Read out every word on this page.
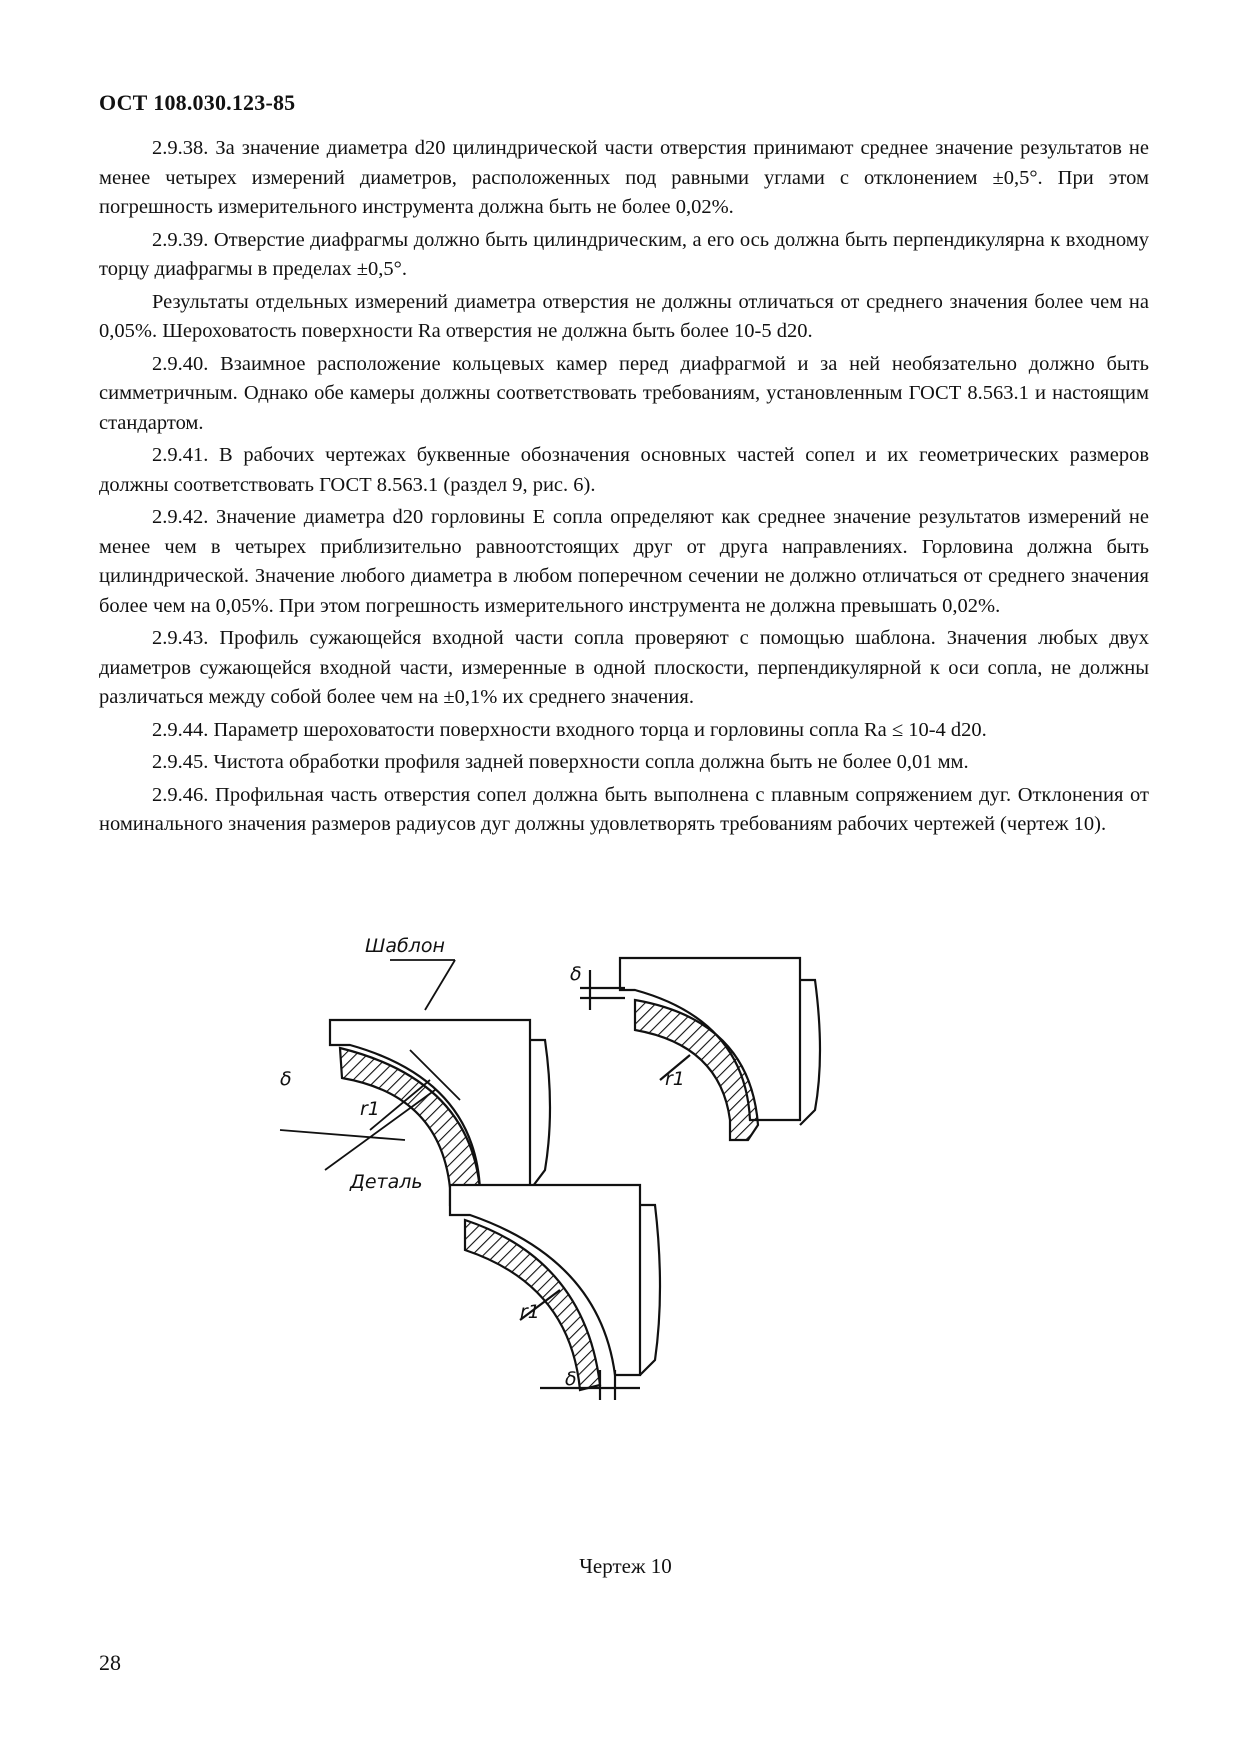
ОСТ 108.030.123-85

2.9.38. За значение диаметра d20 цилиндрической части отверстия принимают среднее значение результатов не менее четырех измерений диаметров, расположенных под равными углами с отклонением ±0,5°. При этом погрешность измерительного инструмента должна быть не более 0,02%.

2.9.39. Отверстие диафрагмы должно быть цилиндрическим, а его ось должна быть перпендикулярна к входному торцу диафрагмы в пределах ±0,5°.

Результаты отдельных измерений диаметра отверстия не должны отличаться от среднего значения более чем на 0,05%. Шероховатость поверхности Ra отверстия не должна быть более 10-5 d20.

2.9.40. Взаимное расположение кольцевых камер перед диафрагмой и за ней необязательно должно быть симметричным. Однако обе камеры должны соответствовать требованиям, установленным ГОСТ 8.563.1 и настоящим стандартом.

2.9.41. В рабочих чертежах буквенные обозначения основных частей сопел и их геометрических размеров должны соответствовать ГОСТ 8.563.1 (раздел 9, рис. 6).

2.9.42. Значение диаметра d20 горловины E сопла определяют как среднее значение результатов измерений не менее чем в четырех приблизительно равноотстоящих друг от друга направлениях. Горловина должна быть цилиндрической. Значение любого диаметра в любом поперечном сечении не должно отличаться от среднего значения более чем на 0,05%. При этом погрешность измерительного инструмента не должна превышать 0,02%.

2.9.43. Профиль сужающейся входной части сопла проверяют с помощью шаблона. Значения любых двух диаметров сужающейся входной части, измеренные в одной плоскости, перпендикулярной к оси сопла, не должны различаться между собой более чем на ±0,1% их среднего значения.

2.9.44. Параметр шероховатости поверхности входного торца и горловины сопла Ra ≤ 10-4 d20.

2.9.45. Чистота обработки профиля задней поверхности сопла должна быть не более 0,01 мм.

2.9.46. Профильная часть отверстия сопел должна быть выполнена с плавным сопряжением дуг. Отклонения от номинального значения размеров радиусов дуг должны удовлетворять требованиям рабочих чертежей (чертеж 10).

Шаблон
r1
δ
Деталь
δ
r1
r1
δ
Чертеж 10
28
